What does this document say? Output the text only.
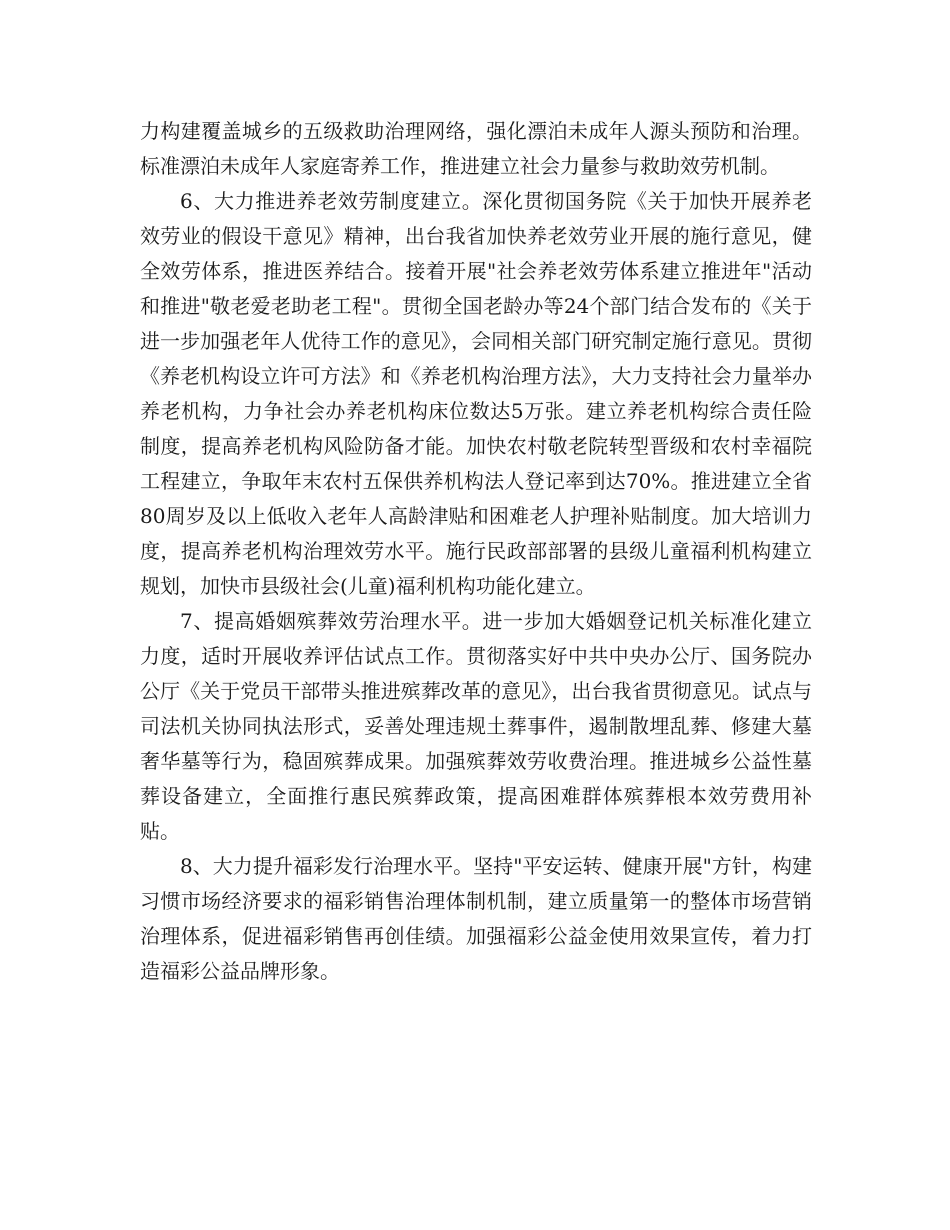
力构建覆盖城乡的五级救助治理网络，强化漂泊未成年人源头预防和治理。标准漂泊未成年人家庭寄养工作，推进建立社会力量参与救助效劳机制。

6、大力推进养老效劳制度建立。深化贯彻国务院《关于加快开展养老效劳业的假设干意见》精神，出台我省加快养老效劳业开展的施行意见，健全效劳体系，推进医养结合。接着开展"社会养老效劳体系建立推进年"活动和推进"敬老爱老助老工程"。贯彻全国老龄办等24个部门结合发布的《关于进一步加强老年人优待工作的意见》，会同相关部门研究制定施行意见。贯彻《养老机构设立许可方法》和《养老机构治理方法》，大力支持社会力量举办养老机构，力争社会办养老机构床位数达5万张。建立养老机构综合责任险制度，提高养老机构风险防备才能。加快农村敬老院转型晋级和农村幸福院工程建立，争取年末农村五保供养机构法人登记率到达70%。推进建立全省80周岁及以上低收入老年人高龄津贴和困难老人护理补贴制度。加大培训力度，提高养老机构治理效劳水平。施行民政部部署的县级儿童福利机构建立规划，加快市县级社会(儿童)福利机构功能化建立。

7、提高婚姻殡葬效劳治理水平。进一步加大婚姻登记机关标准化建立力度，适时开展收养评估试点工作。贯彻落实好中共中央办公厅、国务院办公厅《关于党员干部带头推进殡葬改革的意见》，出台我省贯彻意见。试点与司法机关协同执法形式，妥善处理违规土葬事件，遏制散埋乱葬、修建大墓奢华墓等行为，稳固殡葬成果。加强殡葬效劳收费治理。推进城乡公益性墓葬设备建立，全面推行惠民殡葬政策，提高困难群体殡葬根本效劳费用补贴。

8、大力提升福彩发行治理水平。坚持"平安运转、健康开展"方针，构建习惯市场经济要求的福彩销售治理体制机制，建立质量第一的整体市场营销治理体系，促进福彩销售再创佳绩。加强福彩公益金使用效果宣传，着力打造福彩公益品牌形象。
